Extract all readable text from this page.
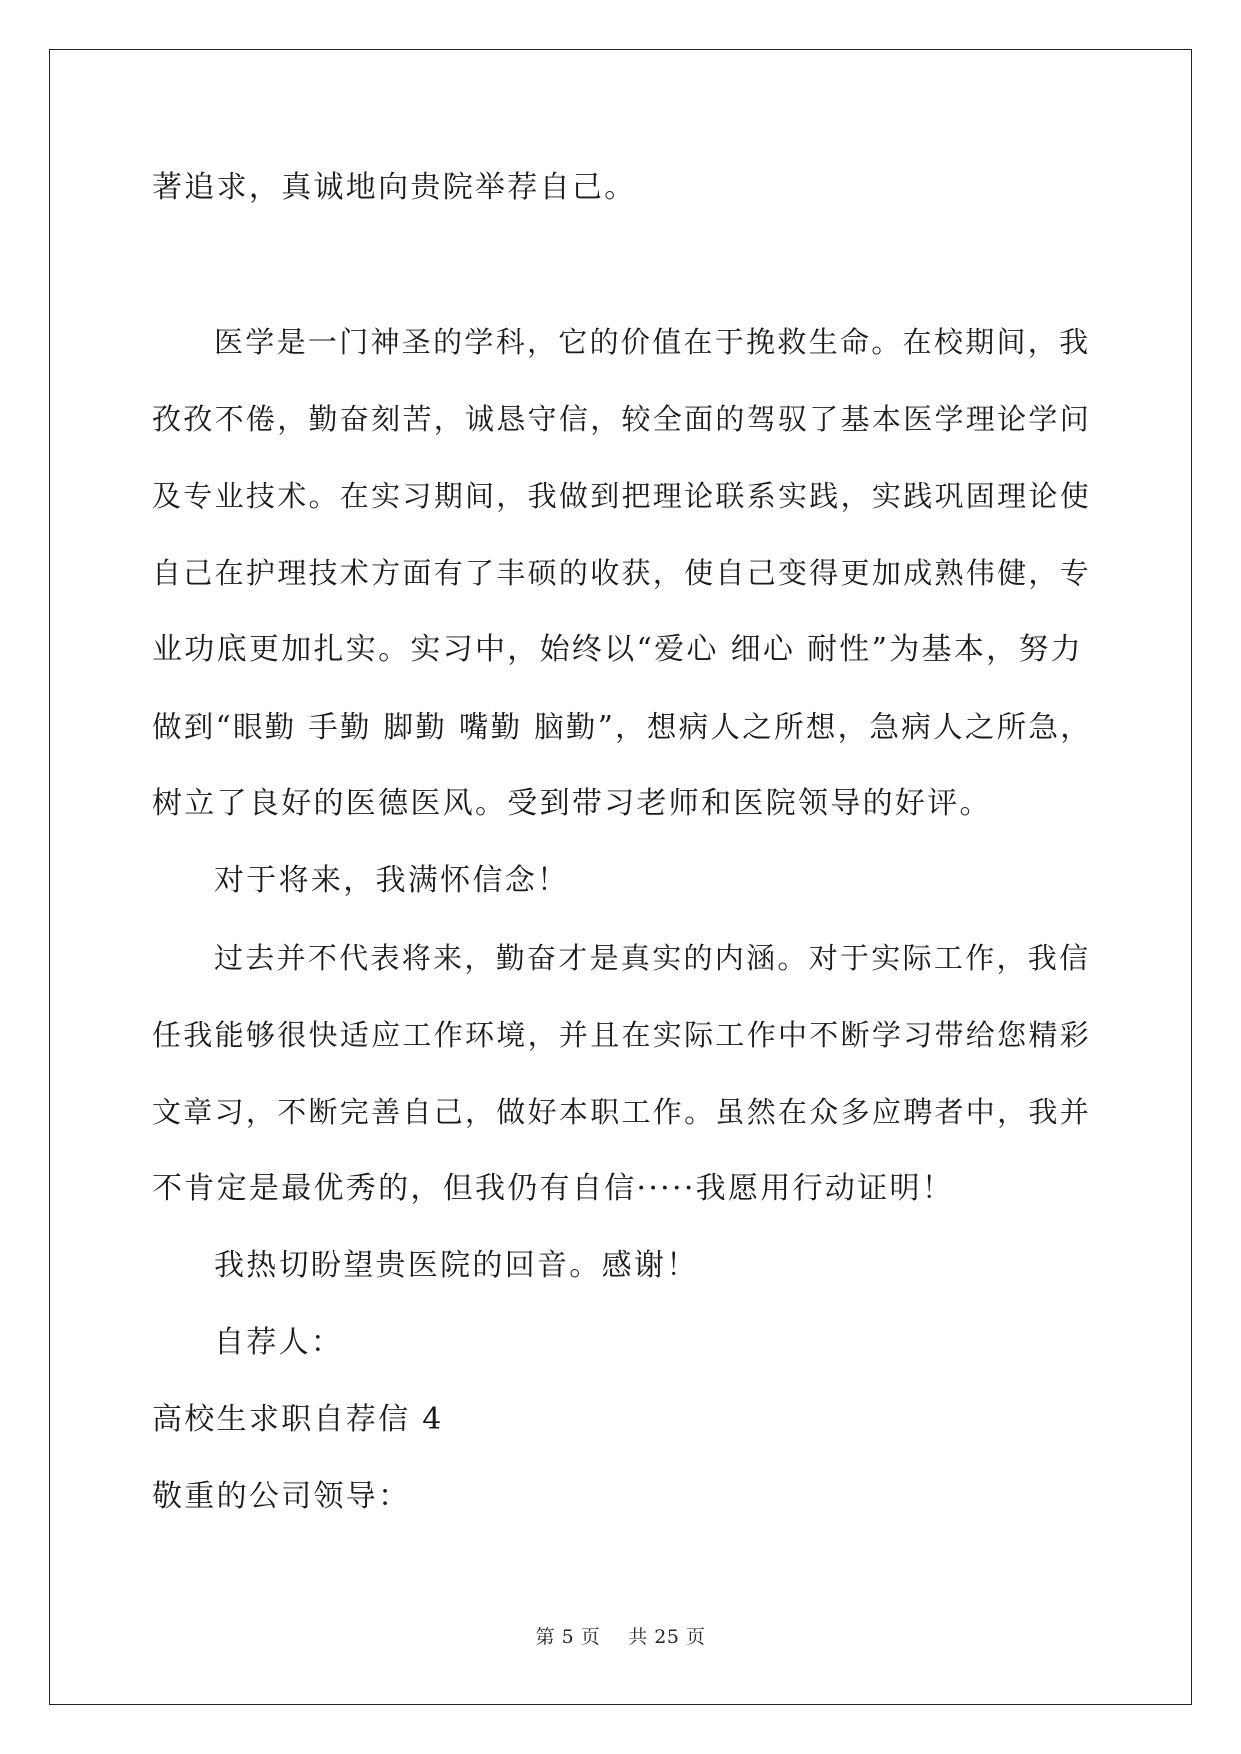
著追求，真诚地向贵院举荐自己。
医学是一门神圣的学科，它的价值在于挽救生命。在校期间，我
孜孜不倦，勤奋刻苦，诚恳守信，较全面的驾驭了基本医学理论学问
及专业技术。在实习期间，我做到把理论联系实践，实践巩固理论使
自己在护理技术方面有了丰硕的收获，使自己变得更加成熟伟健，专
业功底更加扎实。实习中，始终以“爱心 细心 耐性”为基本，努力
做到“眼勤 手勤 脚勤 嘴勤 脑勤”，想病人之所想，急病人之所急，
树立了良好的医德医风。受到带习老师和医院领导的好评。
对于将来，我满怀信念！
过去并不代表将来，勤奋才是真实的内涵。对于实际工作，我信
任我能够很快适应工作环境，并且在实际工作中不断学习带给您精彩
文章习，不断完善自己，做好本职工作。虽然在众多应聘者中，我并
不肯定是最优秀的，但我仍有自信·····我愿用行动证明！
我热切盼望贵医院的回音。感谢！
自荐人：
高校生求职自荐信 4
敬重的公司领导：
第 5 页 共 25 页
